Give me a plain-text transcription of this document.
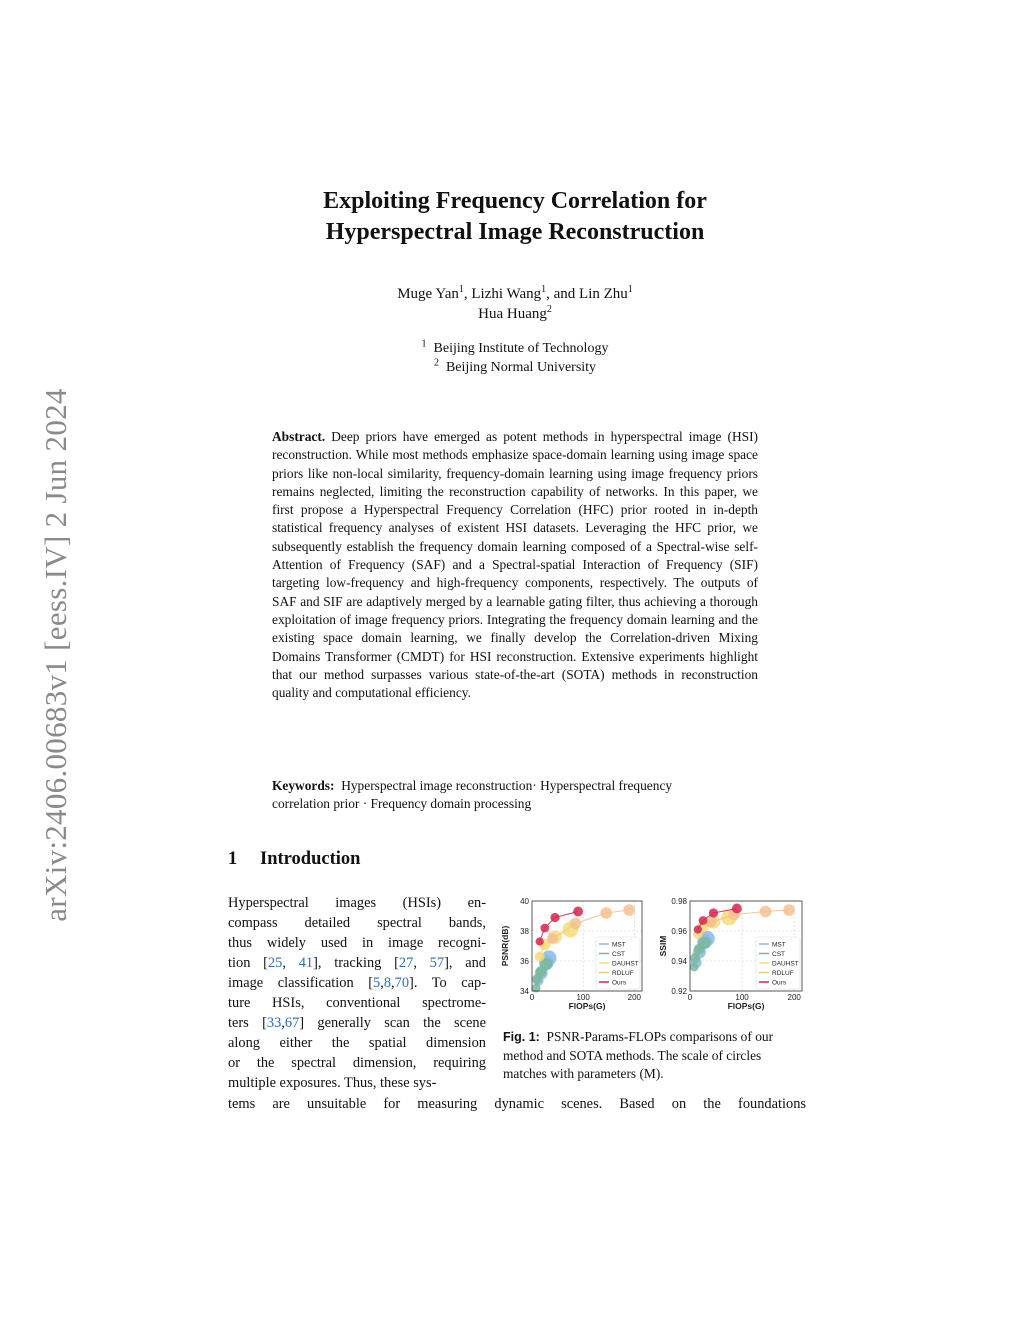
arXiv:2406.00683v1 [eess.IV] 2 Jun 2024
Exploiting Frequency Correlation for
Hyperspectral Image Reconstruction
Muge Yan$^1$, Lizhi Wang$^1$, and Lin Zhu$^1$
Hua Huang$^2$
$^1$ Beijing Institute of Technology
$^2$ Beijing Normal University
Abstract. Deep priors have emerged as potent methods in hyperspectral image (HSI) reconstruction. While most methods emphasize space-domain learning using image space priors like non-local similarity, frequency-domain learning using image frequency priors remains neglected, limiting the reconstruction capability of networks. In this paper, we first propose a Hyperspectral Frequency Correlation (HFC) prior rooted in in-depth statistical frequency analyses of existent HSI datasets. Leveraging the HFC prior, we subsequently establish the frequency domain learning composed of a Spectral-wise self-Attention of Frequency (SAF) and a Spectral-spatial Interaction of Frequency (SIF) targeting low-frequency and high-frequency components, respectively. The outputs of SAF and SIF are adaptively merged by a learnable gating filter, thus achieving a thorough exploitation of image frequency priors. Integrating the frequency domain learning and the existing space domain learning, we finally develop the Correlation-driven Mixing Domains Transformer (CMDT) for HSI reconstruction. Extensive experiments highlight that our method surpasses various state-of-the-art (SOTA) methods in reconstruction quality and computational efficiency.
Keywords: Hyperspectral image reconstruction· Hyperspectral frequency
correlation prior · Frequency domain processing
1 Introduction
Hyperspectral images (HSIs) en-
compass detailed spectral bands,
thus widely used in image recogni-
tion [25, 41], tracking [27, 57], and
image classification [5,8,70]. To cap-
ture HSIs, conventional spectrome-
ters [33,67] generally scan the scene
along either the spatial dimension
or the spectral dimension, requiring
multiple exposures. Thus, these sys-
tems are unsuitable for measuring dynamic scenes. Based on the foundations
0	100	200
34
36
38
40
FlOPs(G)
PSNR(dB)	MST
CST
DAUHST
RDLUF
Ours
0	100	200
0.92
0.94
0.96
0.98
FlOPs(G)
SSIM	MST
CST
DAUHST
RDLUF
Ours
Fig. 1: PSNR-Params-FLOPs comparisons of our method and SOTA methods. The scale of circles matches with parameters (M).
